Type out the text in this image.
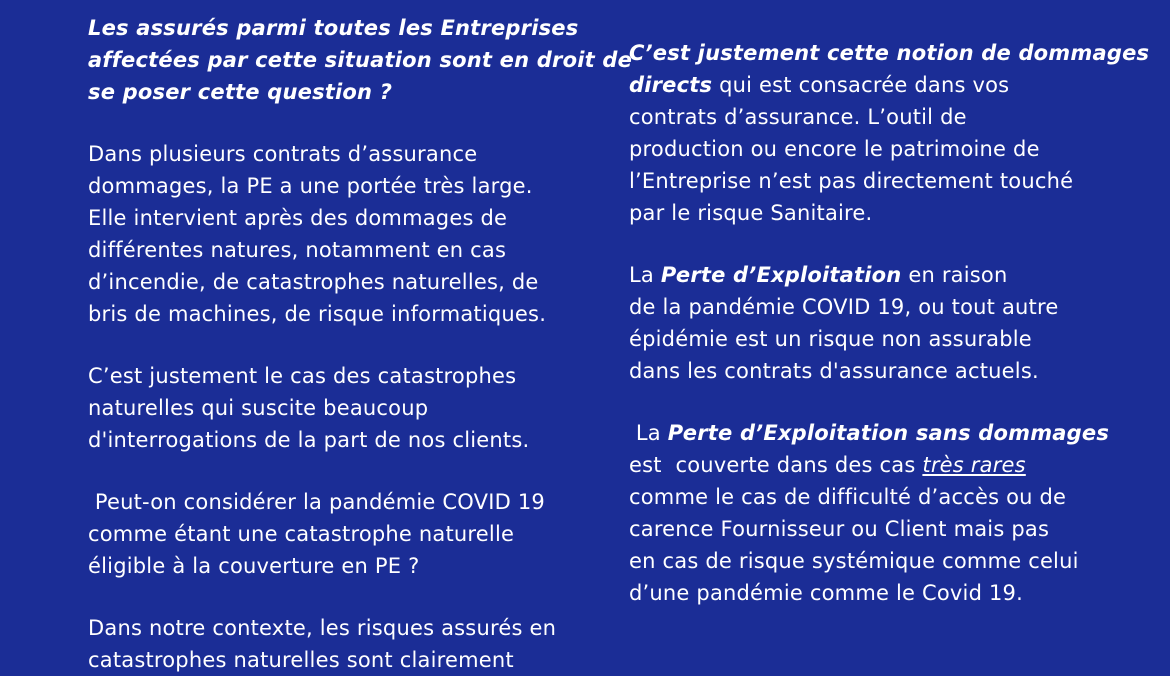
Les assurés parmi toutes les Entreprises

affectées par cette situation sont en droit de

se poser cette question ?

Dans plusieurs contrats d’assurance

dommages, la PE a une portée très large.

Elle intervient après des dommages de

différentes natures, notamment en cas

d’incendie, de catastrophes naturelles, de

bris de machines, de risque informatiques.

C’est justement le cas des catastrophes

naturelles qui suscite beaucoup

d'interrogations de la part de nos clients.

Peut-on considérer la pandémie COVID 19

comme étant une catastrophe naturelle

éligible à la couverture en PE ?

Dans notre contexte, les risques assurés en

catastrophes naturelles sont clairement

C’est justement cette notion de dommages

directs qui est consacrée dans vos

contrats d’assurance. L’outil de

production ou encore le patrimoine de

l’Entreprise n’est pas directement touché

par le risque Sanitaire.

La Perte d’Exploitation en raison

de la pandémie COVID 19, ou tout autre

épidémie est un risque non assurable

dans les contrats d'assurance actuels.

La Perte d’Exploitation sans dommages

est  couverte dans des cas très rares

comme le cas de difficulté d’accès ou de

carence Fournisseur ou Client mais pas

en cas de risque systémique comme celui

d’une pandémie comme le Covid 19.
